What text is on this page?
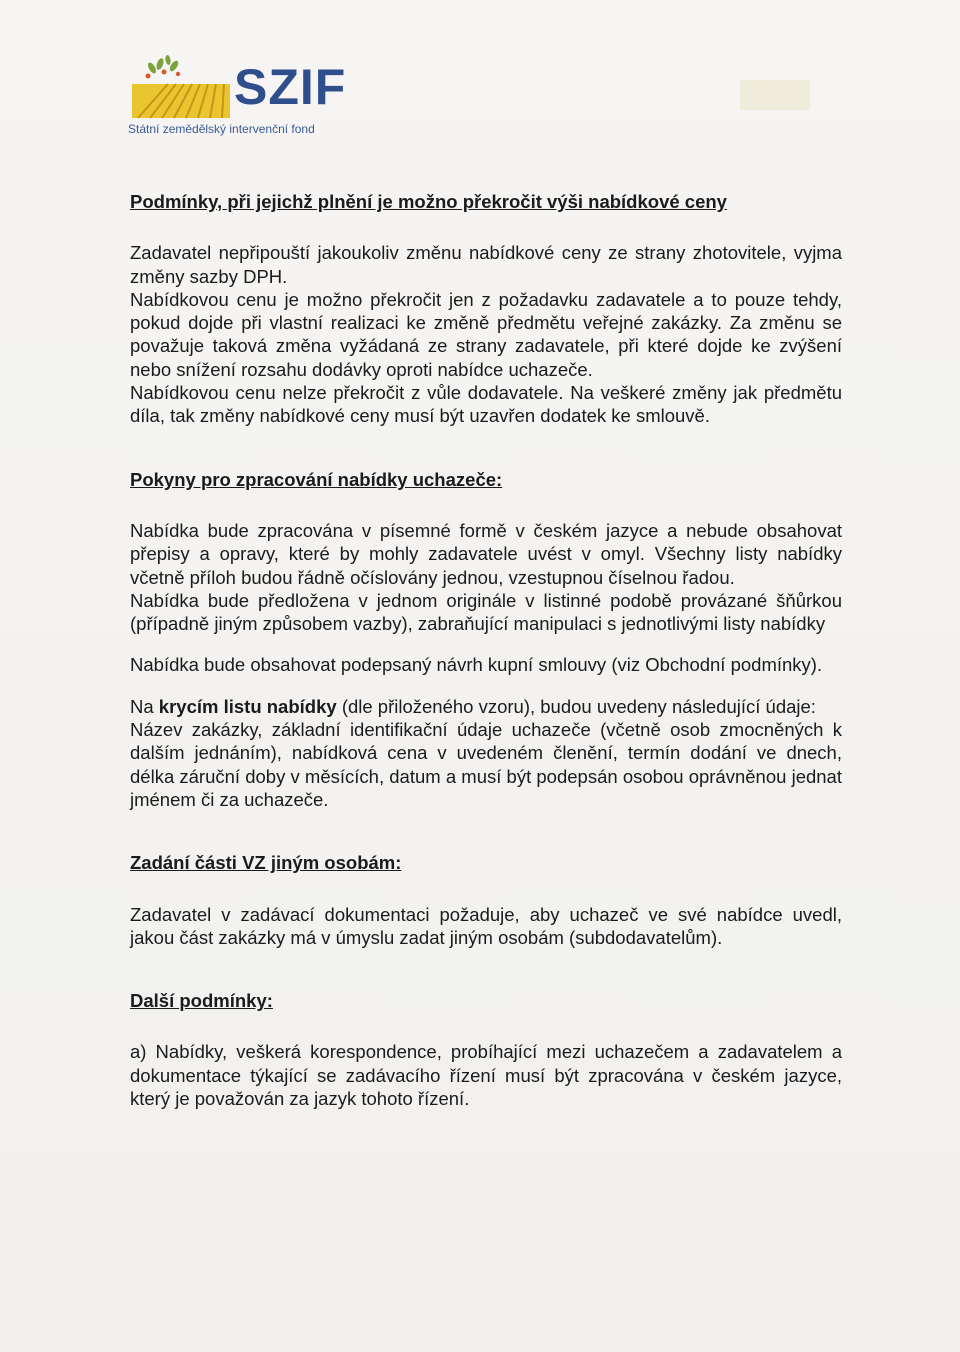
SZIF
Státní zemědělský intervenční fond
Podmínky, při jejichž plnění je možno překročit výši nabídkové ceny

Zadavatel nepřipouští jakoukoliv změnu nabídkové ceny ze strany zhotovitele, vyjma změny sazby DPH.

Nabídkovou cenu je možno překročit jen z požadavku zadavatele a to pouze tehdy, pokud dojde při vlastní realizaci ke změně předmětu veřejné zakázky. Za změnu se považuje taková změna vyžádaná ze strany zadavatele, při které dojde ke zvýšení nebo snížení rozsahu dodávky oproti nabídce uchazeče.

Nabídkovou cenu nelze překročit z vůle dodavatele. Na veškeré změny jak předmětu díla, tak změny nabídkové ceny musí být uzavřen dodatek ke smlouvě.

Pokyny pro zpracování nabídky uchazeče:

Nabídka bude zpracována v písemné formě v českém jazyce a nebude obsahovat přepisy a opravy, které by mohly zadavatele uvést v omyl. Všechny listy nabídky včetně příloh budou řádně očíslovány jednou, vzestupnou číselnou řadou.

Nabídka bude předložena v jednom originále v listinné podobě provázané šňůrkou (případně jiným způsobem vazby), zabraňující manipulaci s jednotlivými listy nabídky

Nabídka bude obsahovat podepsaný návrh kupní smlouvy (viz Obchodní podmínky).

Na krycím listu nabídky (dle přiloženého vzoru), budou uvedeny následující údaje:

Název zakázky, základní identifikační údaje uchazeče (včetně osob zmocněných k dalším jednáním), nabídková cena v uvedeném členění, termín dodání ve dnech, délka záruční doby v měsících, datum a musí být podepsán osobou oprávněnou jednat jménem či za uchazeče.

Zadání části VZ jiným osobám:

Zadavatel v zadávací dokumentaci požaduje, aby uchazeč ve své nabídce uvedl, jakou část zakázky má v úmyslu zadat jiným osobám (subdodavatelům).

Další podmínky:

a) Nabídky, veškerá korespondence, probíhající mezi uchazečem a zadavatelem a dokumentace týkající se zadávacího řízení musí být zpracována v českém jazyce, který je považován za jazyk tohoto řízení.
